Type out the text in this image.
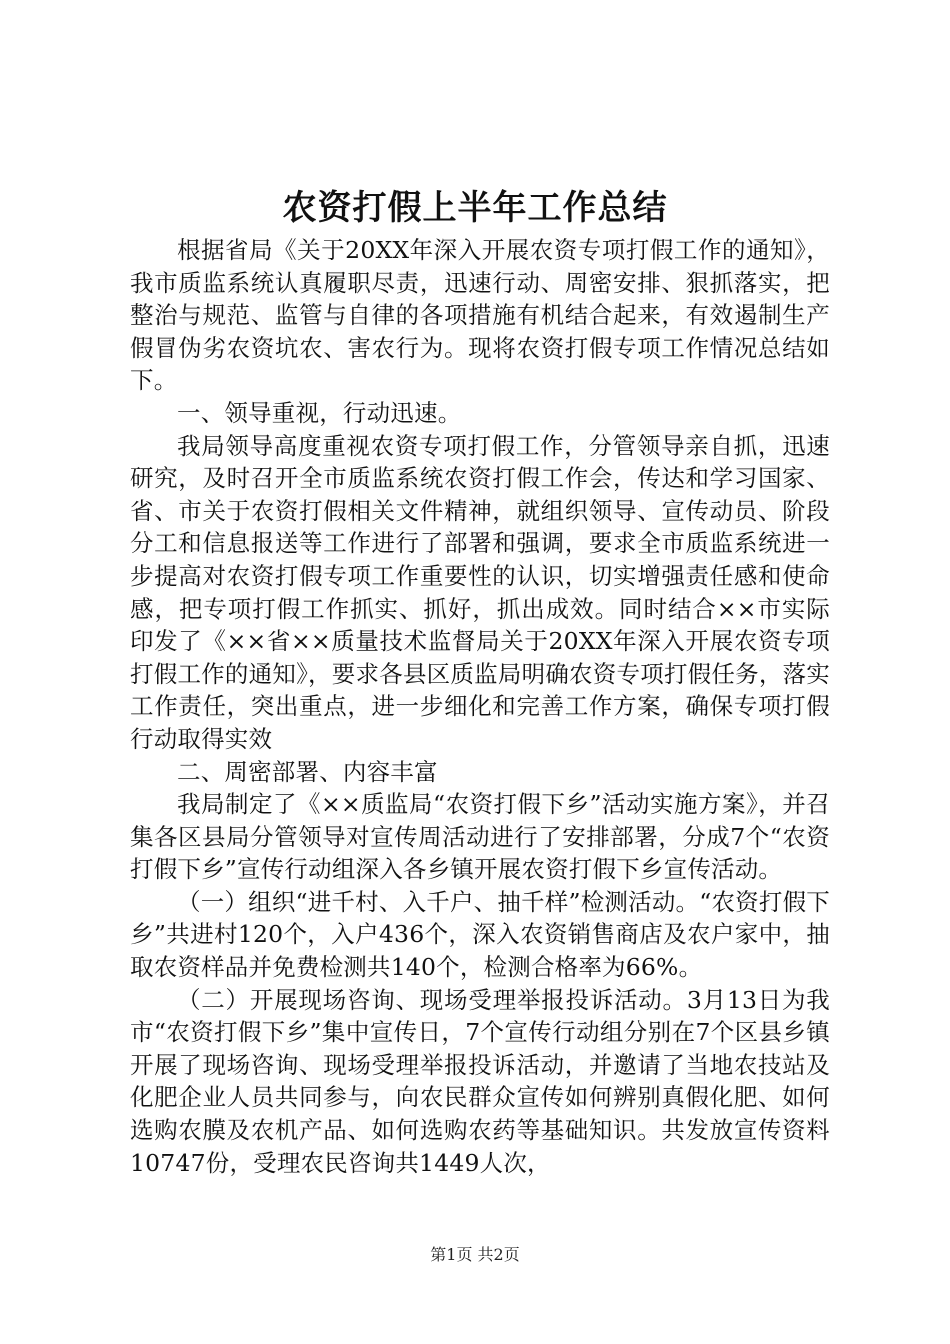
农资打假上半年工作总结

根据省局《关于20XX年深入开展农资专项打假工作的通知》，我市质监系统认真履职尽责，迅速行动、周密安排、狠抓落实，把整治与规范、监管与自律的各项措施有机结合起来，有效遏制生产假冒伪劣农资坑农、害农行为。现将农资打假专项工作情况总结如下。

一、领导重视，行动迅速。

我局领导高度重视农资专项打假工作，分管领导亲自抓，迅速研究，及时召开全市质监系统农资打假工作会，传达和学习国家、省、市关于农资打假相关文件精神，就组织领导、宣传动员、阶段分工和信息报送等工作进行了部署和强调，要求全市质监系统进一步提高对农资打假专项工作重要性的认识，切实增强责任感和使命感，把专项打假工作抓实、抓好，抓出成效。同时结合××市实际印发了《××省××质量技术监督局关于20XX年深入开展农资专项打假工作的通知》，要求各县区质监局明确农资专项打假任务，落实工作责任，突出重点，进一步细化和完善工作方案，确保专项打假行动取得实效

二、周密部署、内容丰富

我局制定了《××质监局“农资打假下乡”活动实施方案》，并召集各区县局分管领导对宣传周活动进行了安排部署，分成7个“农资打假下乡”宣传行动组深入各乡镇开展农资打假下乡宣传活动。

（一）组织“进千村、入千户、抽千样”检测活动。“农资打假下乡”共进村120个，入户436个，深入农资销售商店及农户家中，抽取农资样品并免费检测共140个，检测合格率为66%。

（二）开展现场咨询、现场受理举报投诉活动。3月13日为我市“农资打假下乡”集中宣传日，7个宣传行动组分别在7个区县乡镇开展了现场咨询、现场受理举报投诉活动，并邀请了当地农技站及化肥企业人员共同参与，向农民群众宣传如何辨别真假化肥、如何选购农膜及农机产品、如何选购农药等基础知识。共发放宣传资料10747份，受理农民咨询共1449人次，

第1页 共2页
